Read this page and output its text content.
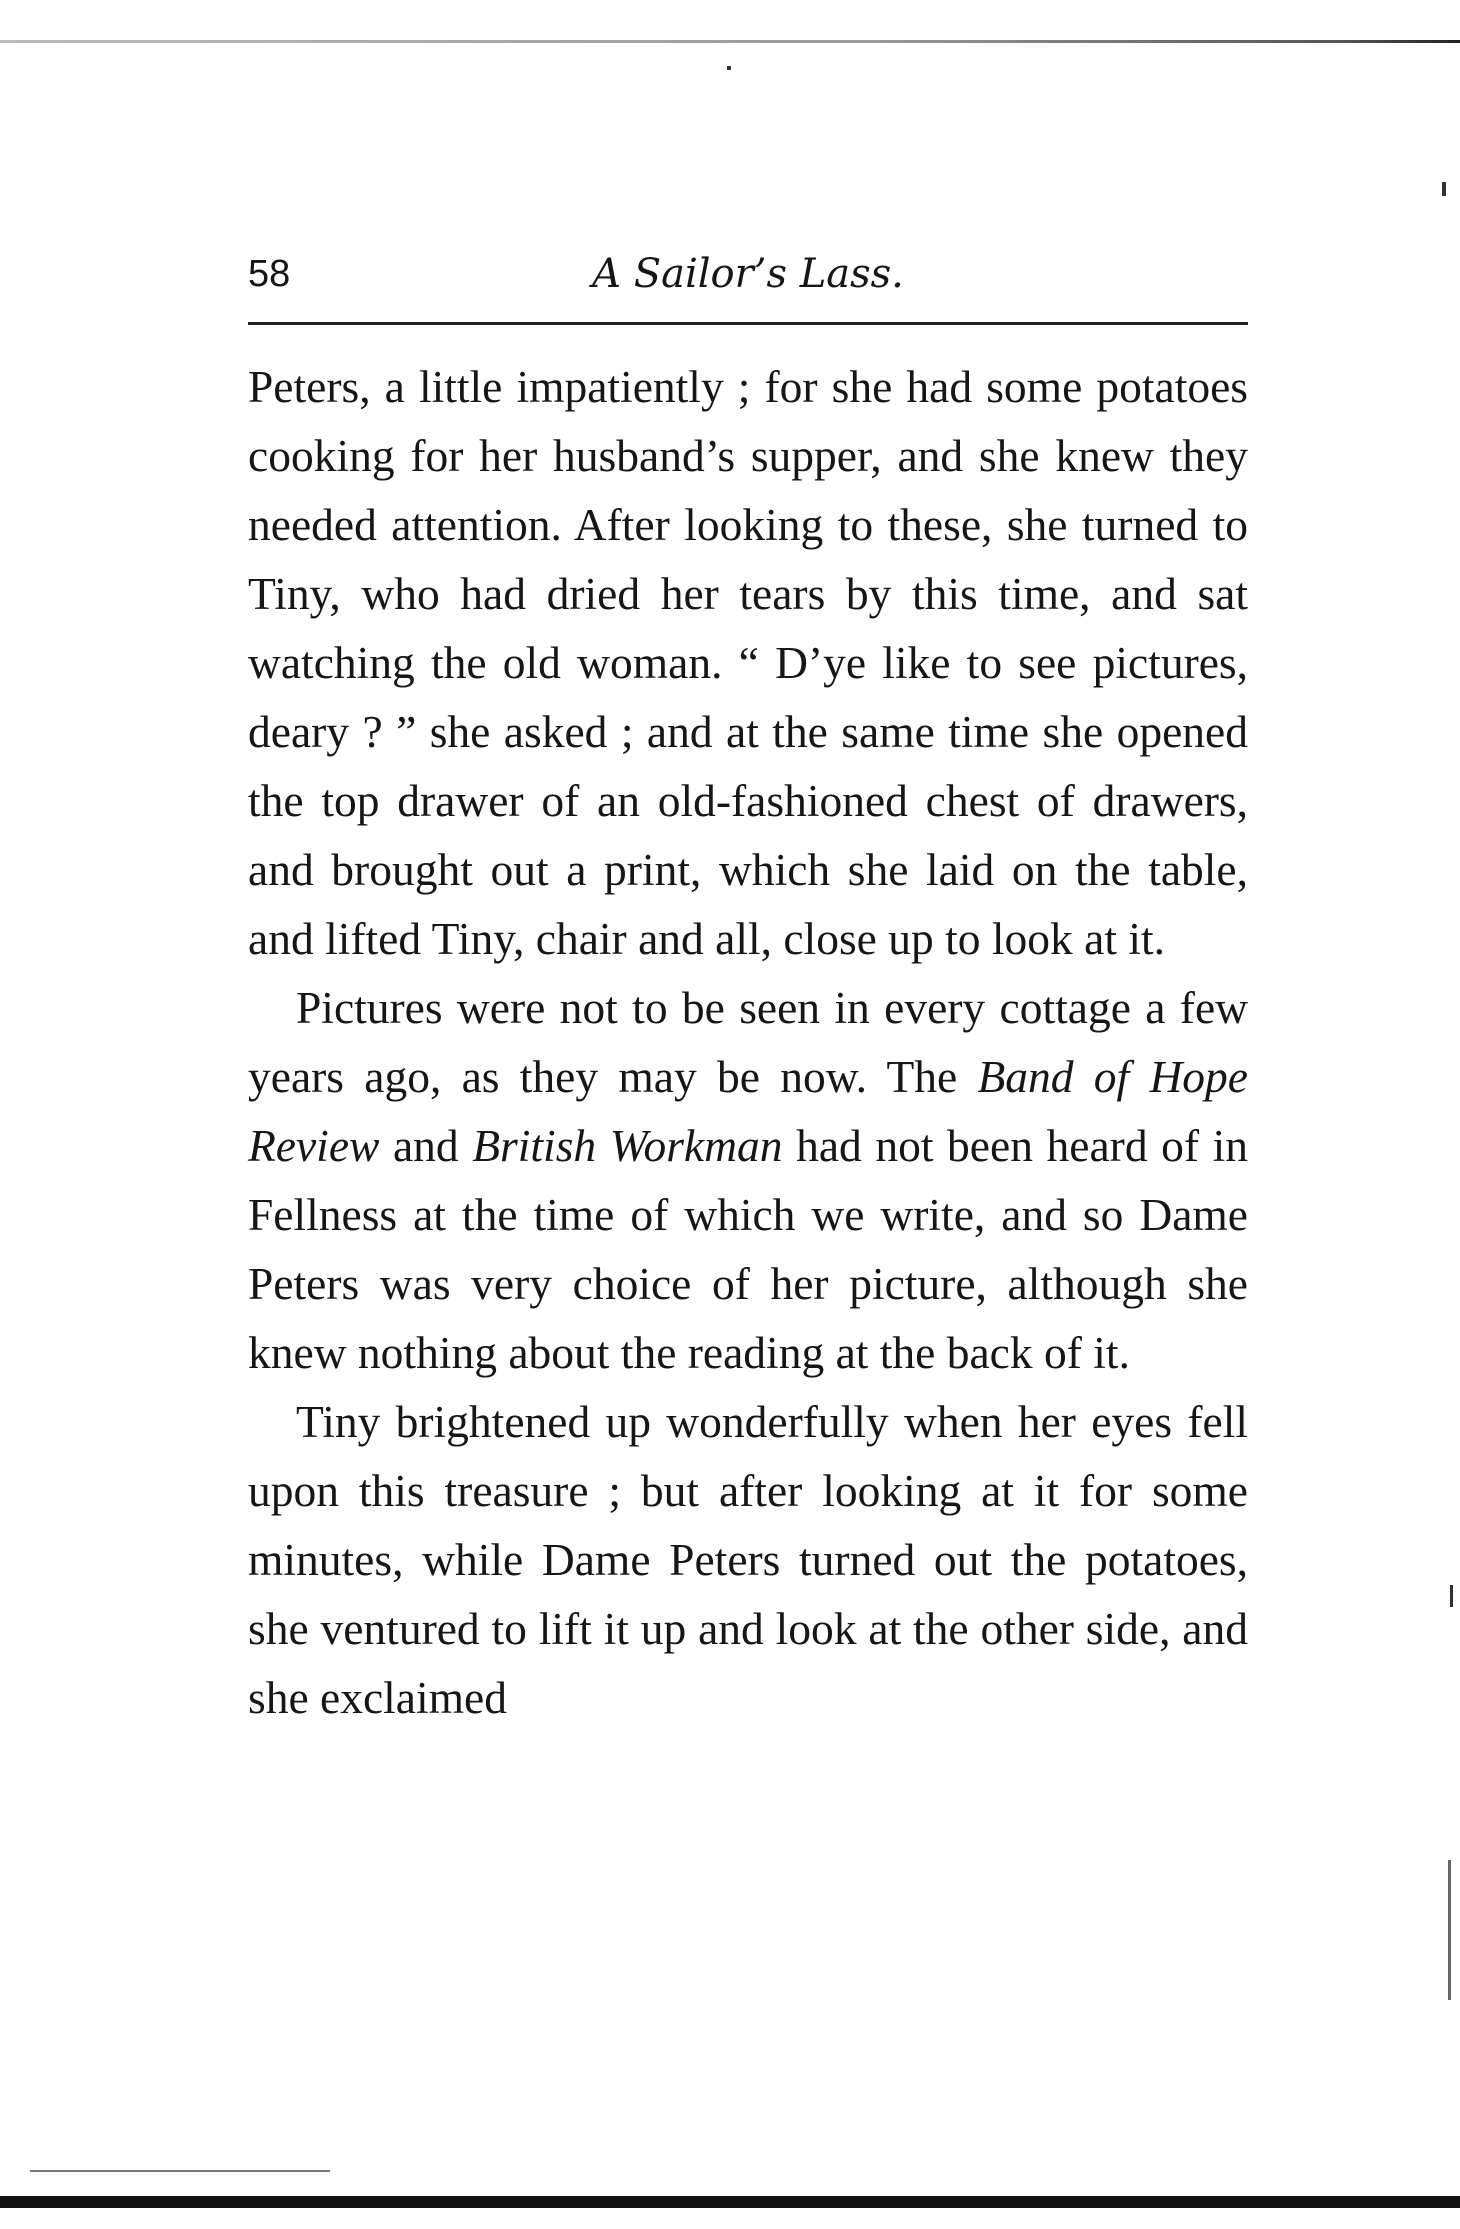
58	A Sailor’s Lass.

Peters, a little impatiently ; for she had some potatoes cooking for her husband’s supper, and she knew they needed attention. After looking to these, she turned to Tiny, who had dried her tears by this time, and sat watching the old woman. “ D’ye like to see pictures, deary ? ” she asked ; and at the same time she opened the top drawer of an old-fashioned chest of drawers, and brought out a print, which she laid on the table, and lifted Tiny, chair and all, close up to look at it.

Pictures were not to be seen in every cottage a few years ago, as they may be now. The Band of Hope Review and British Workman had not been heard of in Fellness at the time of which we write, and so Dame Peters was very choice of her picture, although she knew nothing about the reading at the back of it.

Tiny brightened up wonderfully when her eyes fell upon this treasure ; but after looking at it for some minutes, while Dame Peters turned out the potatoes, she ventured to lift it up and look at the other side, and she exclaimed
